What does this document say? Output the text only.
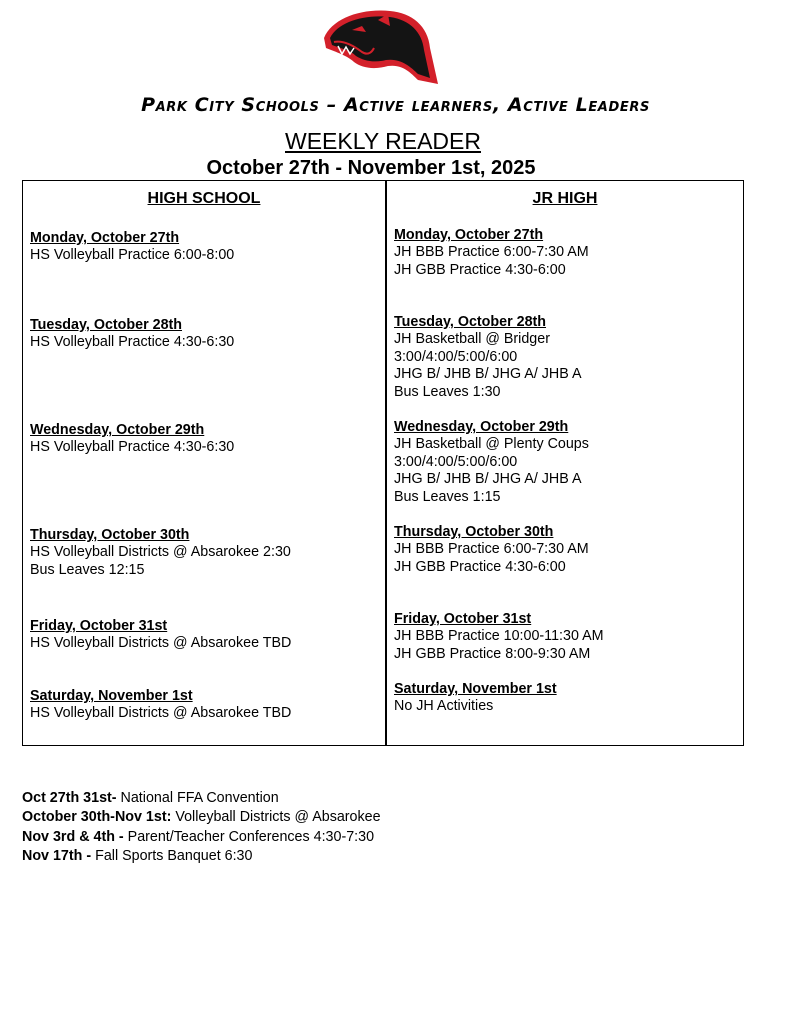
Park City Schools – Active learners, Active Leaders
WEEKLY READER
October 27th - November 1st, 2025
HIGH SCHOOL
Monday, October 27th
HS Volleyball Practice 6:00-8:00
Tuesday, October 28th
HS Volleyball Practice 4:30-6:30
Wednesday, October 29th
HS Volleyball Practice 4:30-6:30
Thursday, October 30th
HS Volleyball Districts @ Absarokee 2:30
Bus Leaves 12:15
Friday, October 31st
HS Volleyball Districts @ Absarokee TBD
Saturday, November 1st
HS Volleyball Districts @ Absarokee TBD
JR HIGH
Monday, October 27th
JH BBB Practice 6:00-7:30 AM
JH GBB Practice 4:30-6:00
Tuesday, October 28th
JH Basketball @ Bridger
3:00/4:00/5:00/6:00
JHG B/ JHB B/ JHG A/ JHB A
Bus Leaves 1:30
Wednesday, October 29th
JH Basketball @ Plenty Coups
3:00/4:00/5:00/6:00
JHG B/ JHB B/ JHG A/ JHB A
Bus Leaves 1:15
Thursday, October 30th
JH BBB Practice 6:00-7:30 AM
JH GBB Practice 4:30-6:00
Friday, October 31st
JH BBB Practice 10:00-11:30 AM
JH GBB Practice 8:00-9:30 AM
Saturday, November 1st
No JH Activities
Oct 27th 31st- National FFA Convention
October 30th-Nov 1st: Volleyball Districts @ Absarokee
Nov 3rd & 4th - Parent/Teacher Conferences 4:30-7:30
Nov 17th - Fall Sports Banquet 6:30
